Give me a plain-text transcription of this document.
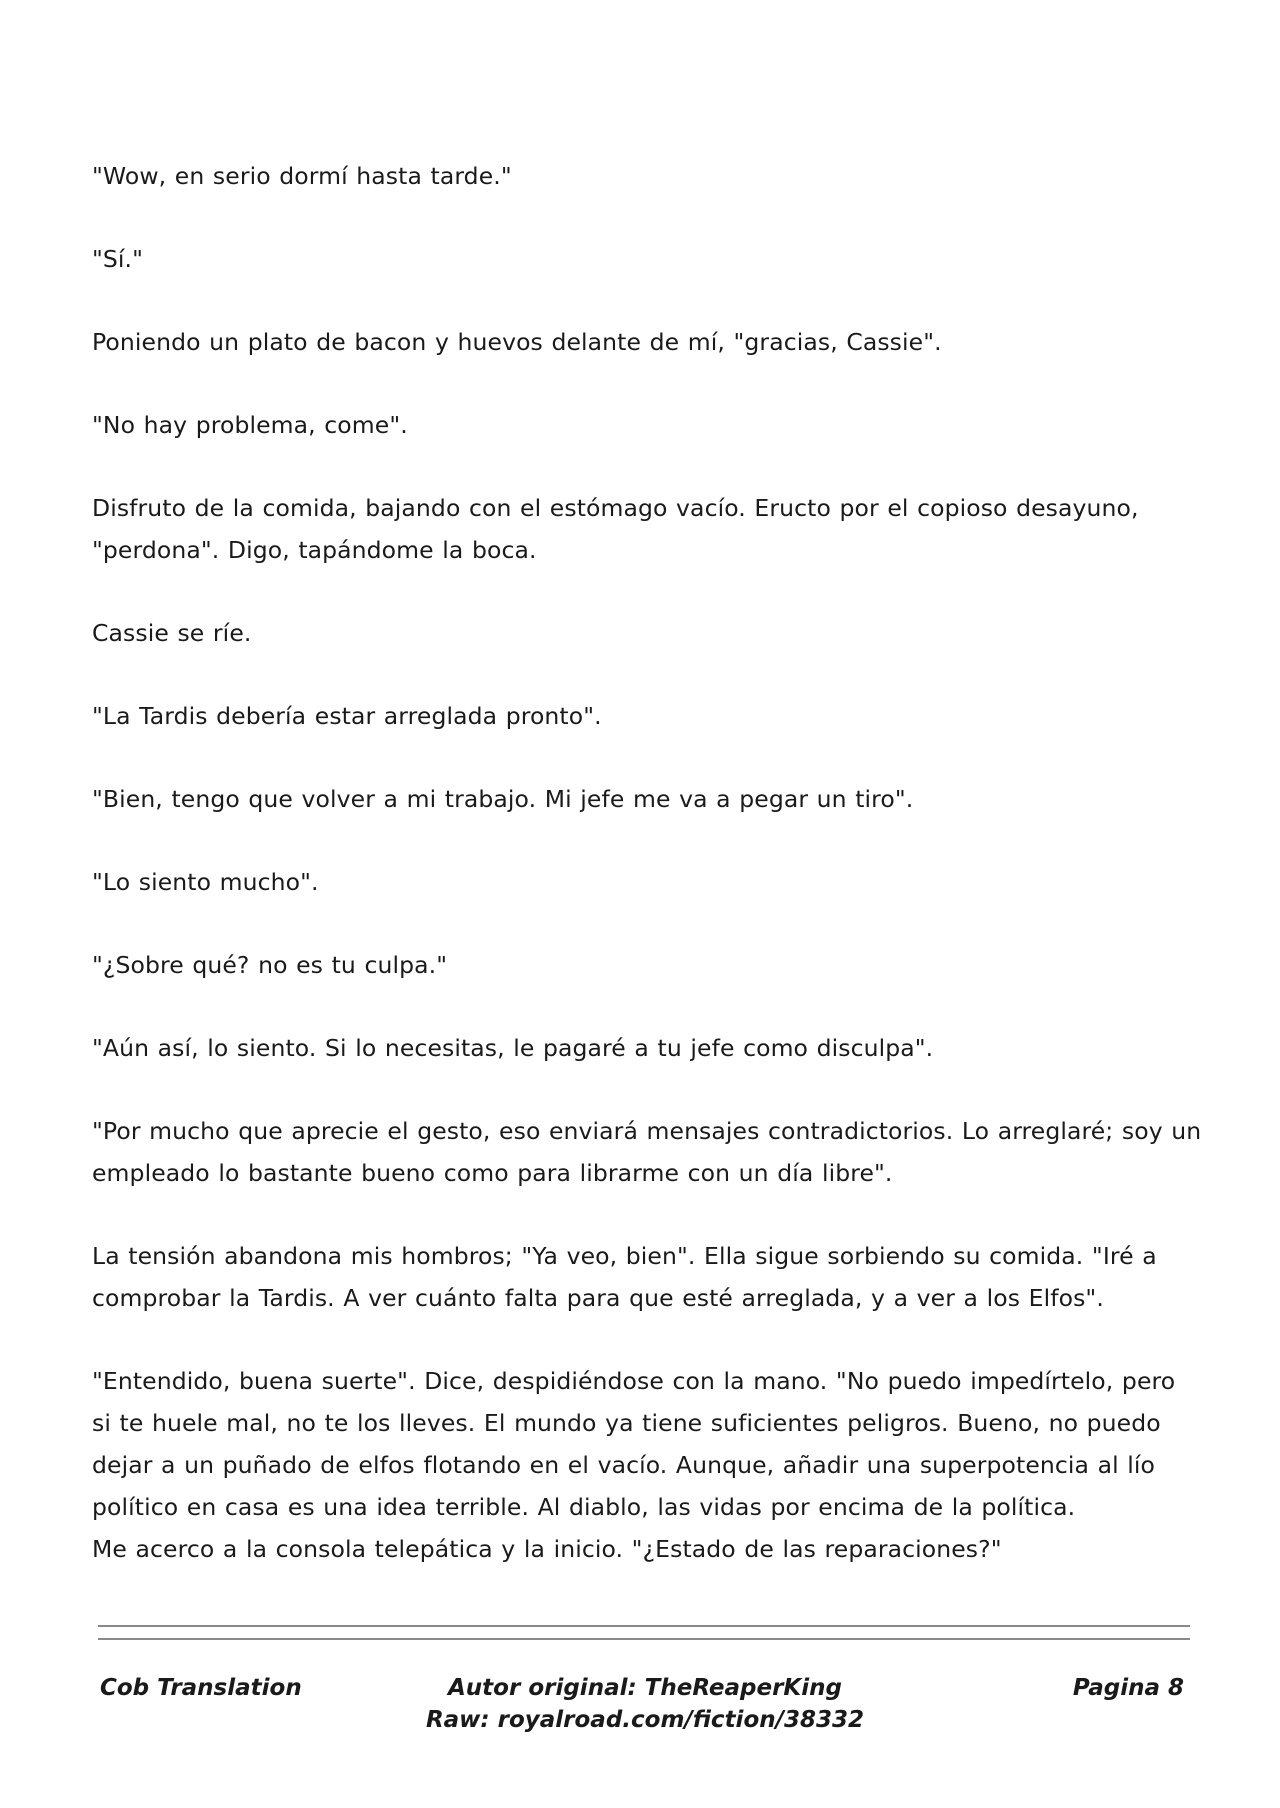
"Wow, en serio dormí hasta tarde."

"Sí."

Poniendo un plato de bacon y huevos delante de mí, "gracias, Cassie".

"No hay problema, come".

Disfruto de la comida, bajando con el estómago vacío. Eructo por el copioso desayuno, "perdona". Digo, tapándome la boca.

Cassie se ríe.

"La Tardis debería estar arreglada pronto".

"Bien, tengo que volver a mi trabajo. Mi jefe me va a pegar un tiro".

"Lo siento mucho".

"¿Sobre qué? no es tu culpa."

"Aún así, lo siento. Si lo necesitas, le pagaré a tu jefe como disculpa".

"Por mucho que aprecie el gesto, eso enviará mensajes contradictorios. Lo arreglaré; soy un empleado lo bastante bueno como para librarme con un día libre".

La tensión abandona mis hombros; "Ya veo, bien". Ella sigue sorbiendo su comida. "Iré a comprobar la Tardis. A ver cuánto falta para que esté arreglada, y a ver a los Elfos".

"Entendido, buena suerte". Dice, despidiéndose con la mano. "No puedo impedírtelo, pero si te huele mal, no te los lleves. El mundo ya tiene suficientes peligros. Bueno, no puedo dejar a un puñado de elfos flotando en el vacío. Aunque, añadir una superpotencia al lío político en casa es una idea terrible. Al diablo, las vidas por encima de la política.

Me acerco a la consola telepática y la inicio. "¿Estado de las reparaciones?"

Cob Translation	Autor original: TheReaperKing
Raw: royalroad.com/fiction/38332
Pagina 8
